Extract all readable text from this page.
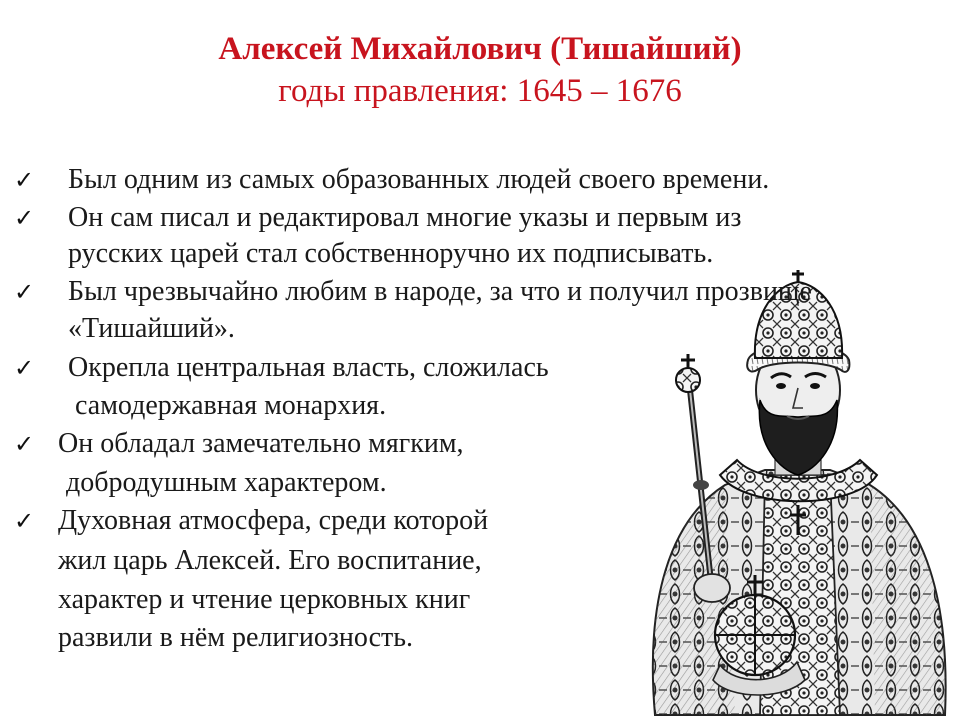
Алексей Михайлович (Тишайший)
годы правления: 1645 – 1676
✓ Был одним из самых образованных людей своего времени.
✓ Он сам писал и редактировал многие указы и первым из
русских царей стал собственноручно их подписывать.
✓ Был чрезвычайно любим в народе, за что и получил прозвище
«Тишайший».
✓ Окрепла центральная власть, сложилась
самодержавная монархия.
✓ Он обладал замечательно мягким,
добродушным характером.
✓ Духовная атмосфера, среди которой
жил царь Алексей. Его воспитание,
характер и чтение церковных книг
развили в нём религиозность.
